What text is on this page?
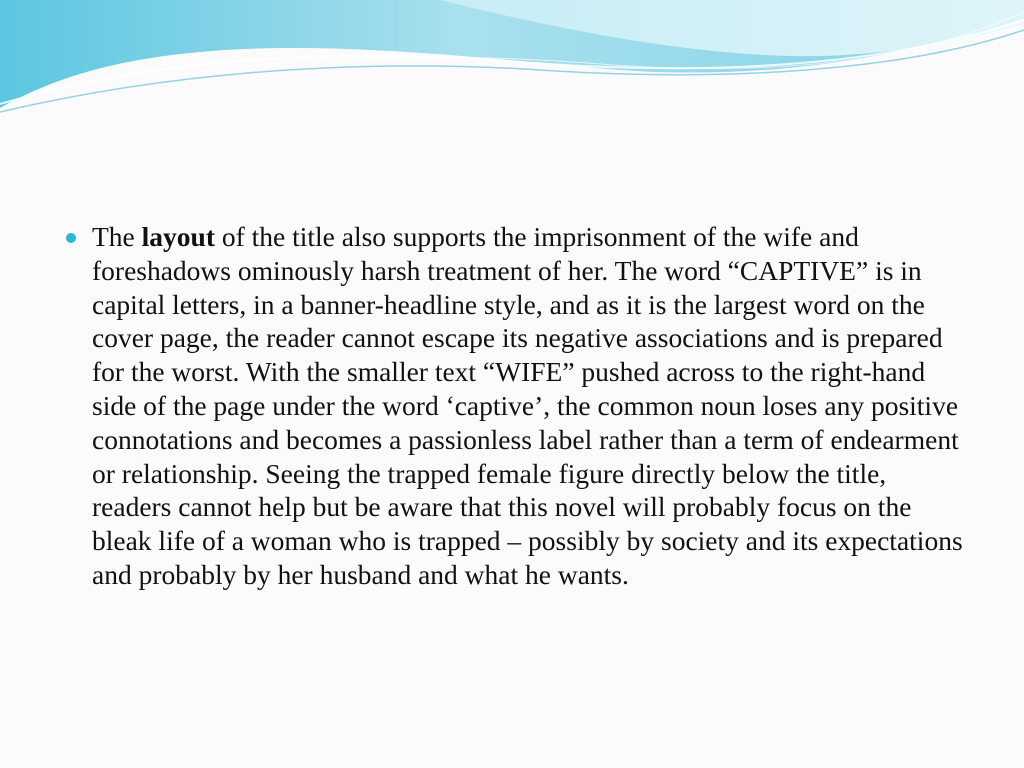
The layout of the title also supports the imprisonment of the wife and foreshadows ominously harsh treatment of her. The word “CAPTIVE” is in capital letters, in a banner-headline style, and as it is the largest word on the cover page, the reader cannot escape its negative associations and is prepared for the worst. With the smaller text “WIFE” pushed across to the right-hand side of the page under the word ‘captive’, the common noun loses any positive connotations and becomes a passionless label rather than a term of endearment or relationship. Seeing the trapped female figure directly below the title, readers cannot help but be aware that this novel will probably focus on the bleak life of a woman who is trapped – possibly by society and its expectations and probably by her husband and what he wants.
